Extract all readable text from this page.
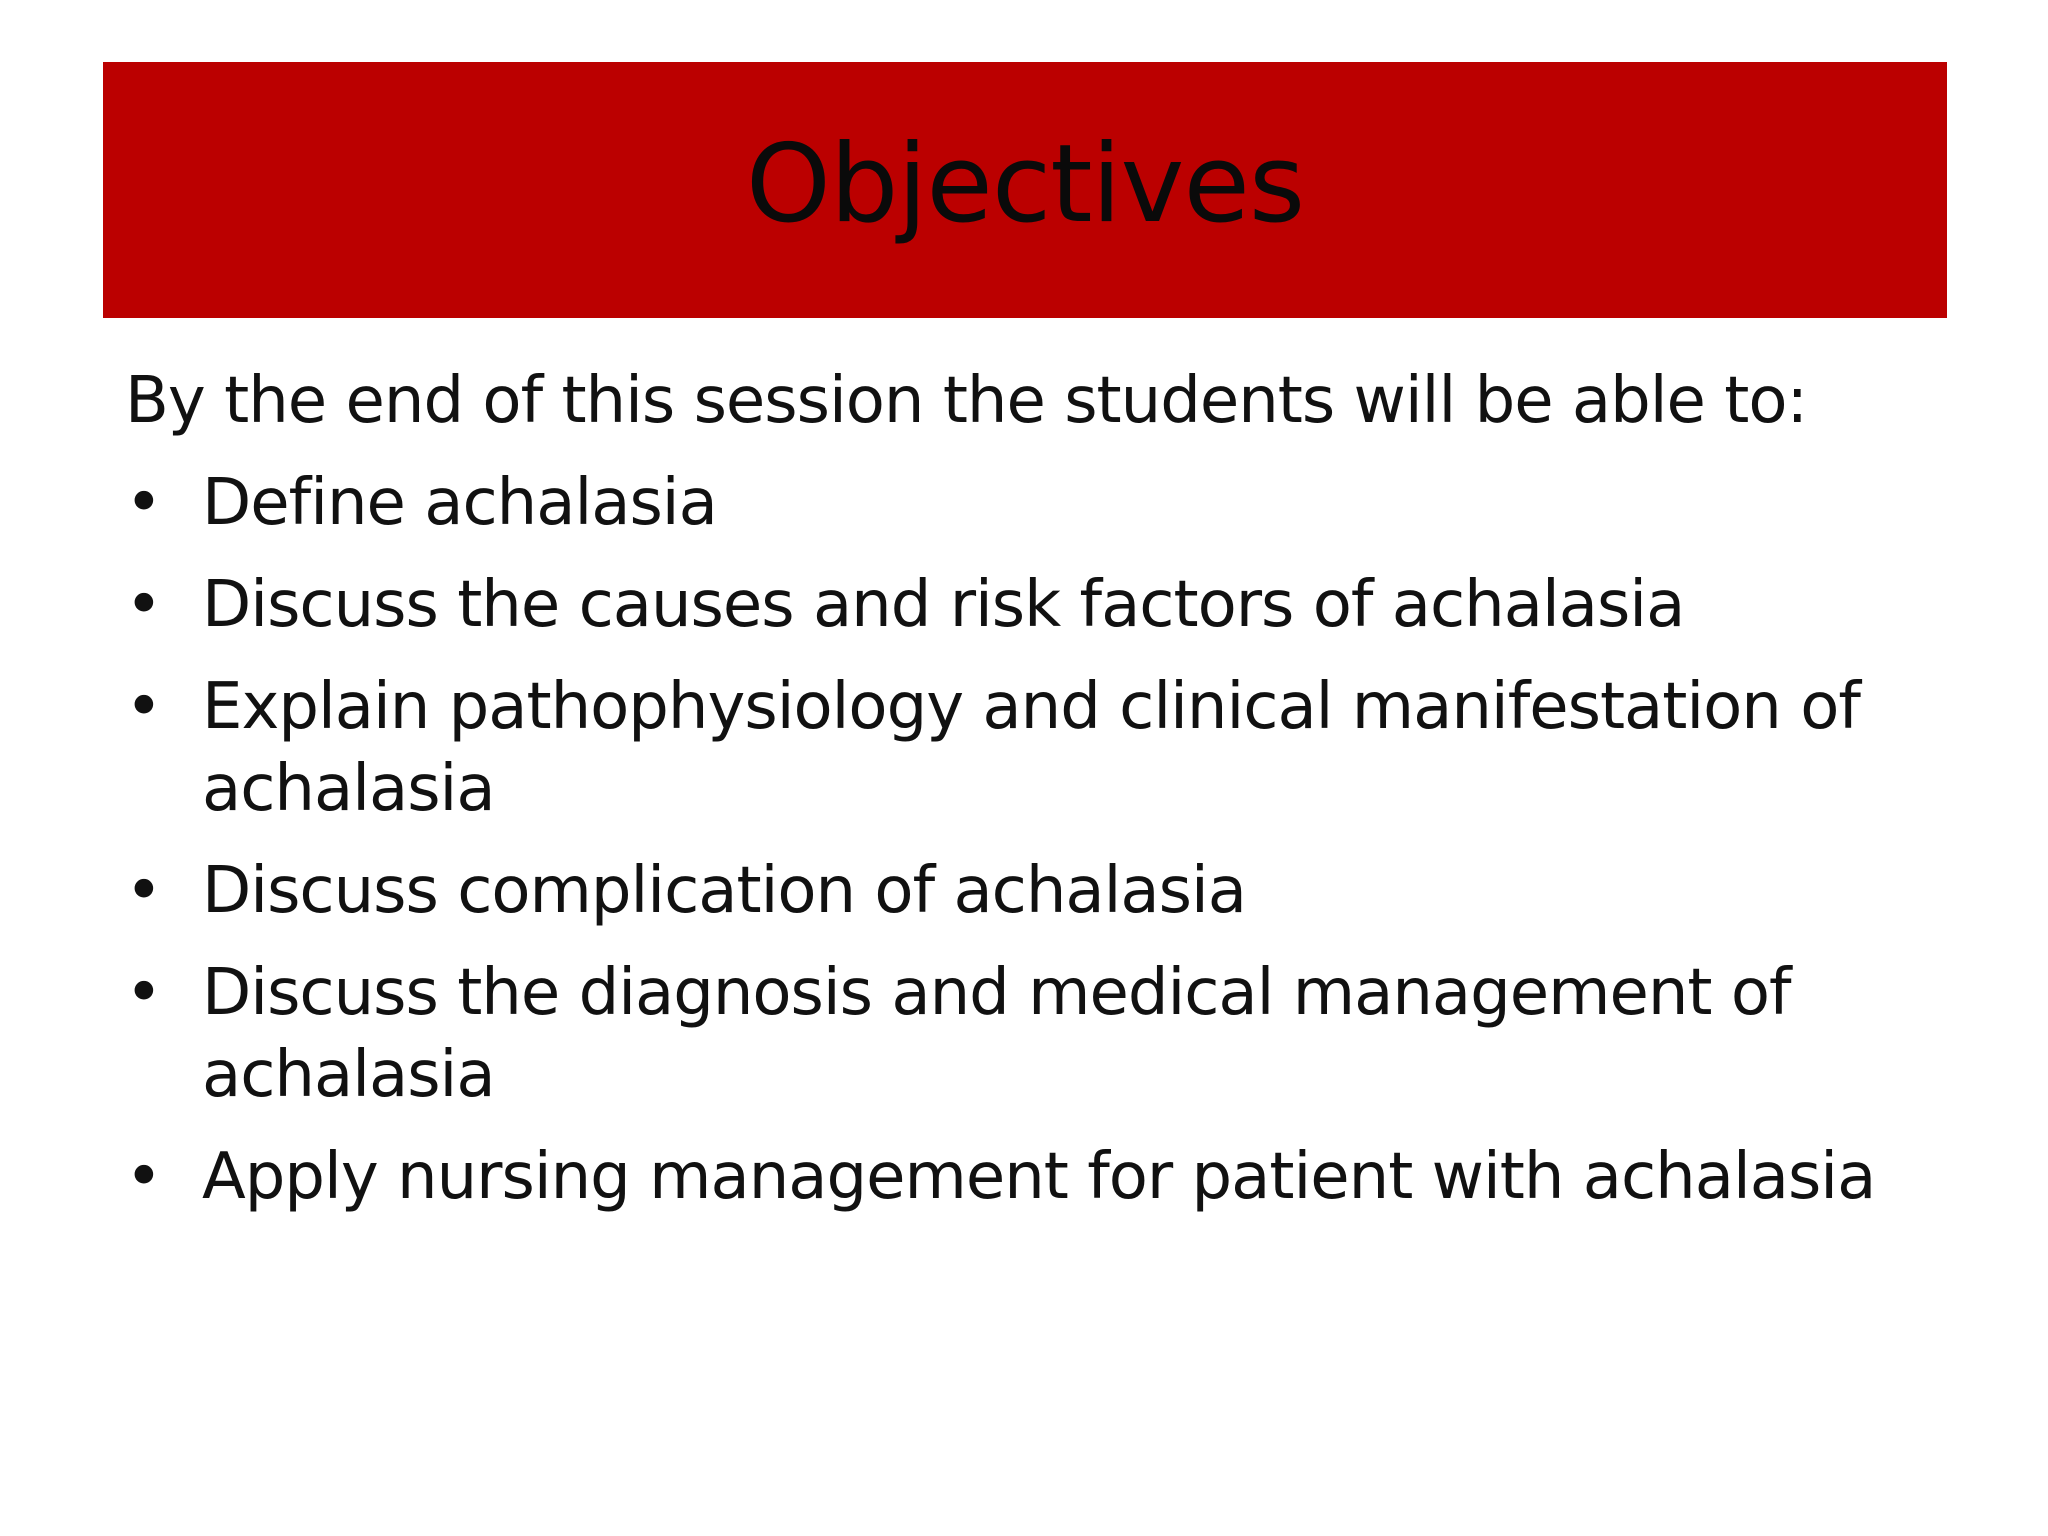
Objectives

By the end of this session the students will be able to:

• Define achalasia
• Discuss the causes and risk factors of achalasia
• Explain pathophysiology and clinical manifestation of achalasia
• Discuss complication of achalasia
• Discuss the diagnosis and medical management of achalasia
• Apply nursing management for patient with achalasia
